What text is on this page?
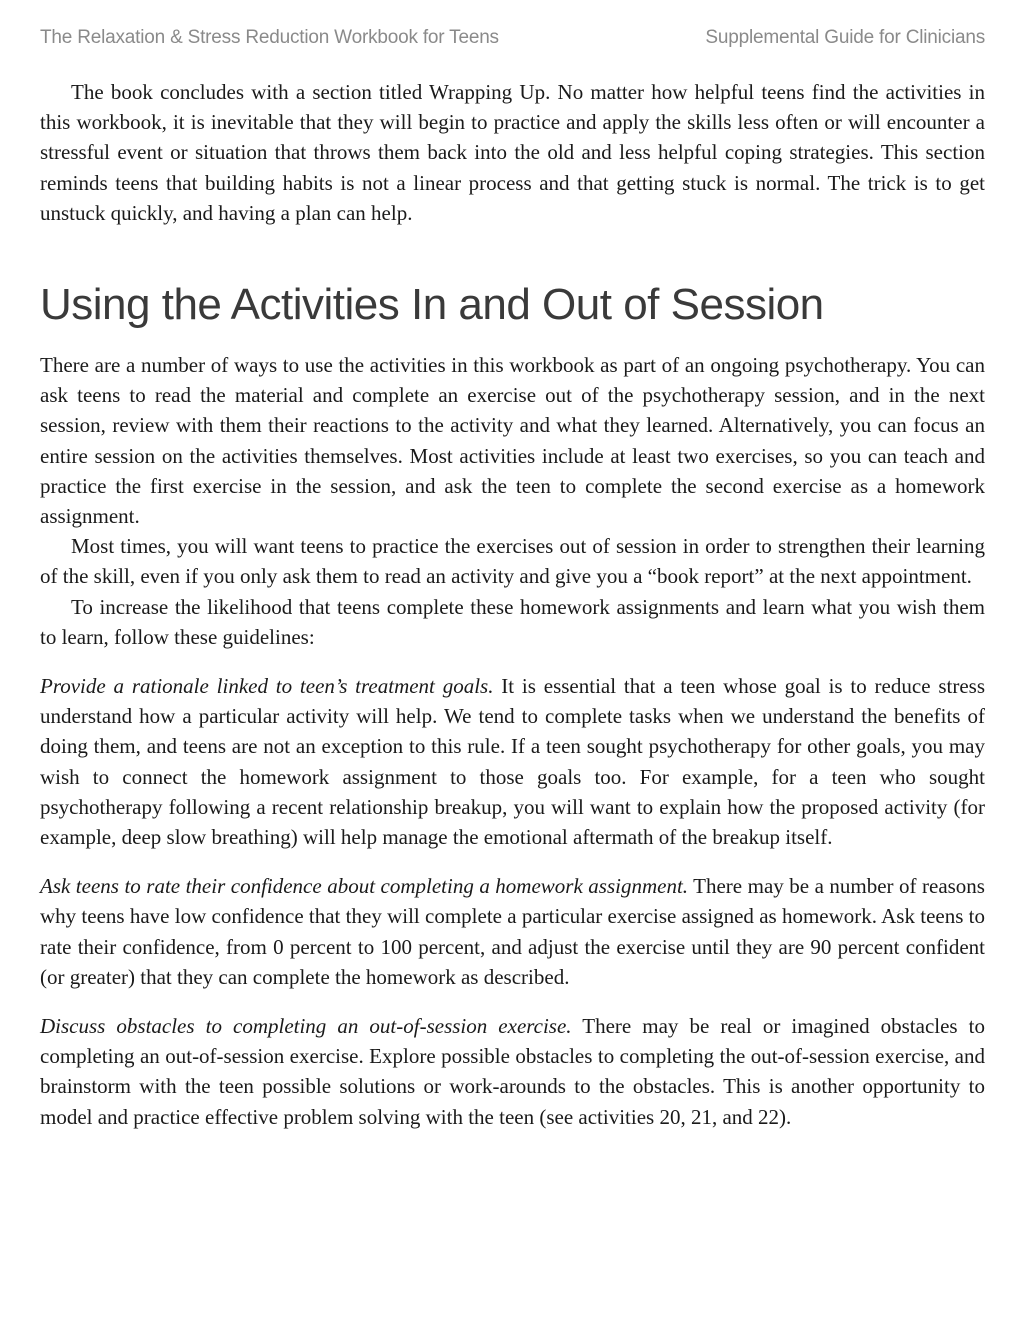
The Relaxation & Stress Reduction Workbook for Teens	Supplemental Guide for Clinicians

The book concludes with a section titled Wrapping Up. No matter how helpful teens find the activities in this workbook, it is inevitable that they will begin to practice and apply the skills less often or will encounter a stressful event or situation that throws them back into the old and less helpful coping strategies. This section reminds teens that building habits is not a linear process and that getting stuck is normal. The trick is to get unstuck quickly, and having a plan can help.

Using the Activities In and Out of Session

There are a number of ways to use the activities in this workbook as part of an ongoing psychotherapy. You can ask teens to read the material and complete an exercise out of the psychotherapy session, and in the next session, review with them their reactions to the activity and what they learned. Alternatively, you can focus an entire session on the activities themselves. Most activities include at least two exercises, so you can teach and practice the first exercise in the session, and ask the teen to complete the second exercise as a homework assignment.

Most times, you will want teens to practice the exercises out of session in order to strengthen their learning of the skill, even if you only ask them to read an activity and give you a “book report” at the next appointment.

To increase the likelihood that teens complete these homework assignments and learn what you wish them to learn, follow these guidelines:

Provide a rationale linked to teen’s treatment goals. It is essential that a teen whose goal is to reduce stress understand how a particular activity will help. We tend to complete tasks when we understand the benefits of doing them, and teens are not an exception to this rule. If a teen sought psychotherapy for other goals, you may wish to connect the homework assignment to those goals too. For example, for a teen who sought psychotherapy following a recent relationship breakup, you will want to explain how the proposed activity (for example, deep slow breathing) will help manage the emotional aftermath of the breakup itself.

Ask teens to rate their confidence about completing a homework assignment. There may be a number of reasons why teens have low confidence that they will complete a particular exercise assigned as homework. Ask teens to rate their confidence, from 0 percent to 100 percent, and adjust the exercise until they are 90 percent confident (or greater) that they can complete the homework as described.

Discuss obstacles to completing an out-of-session exercise. There may be real or imagined obstacles to completing an out-of-session exercise. Explore possible obstacles to completing the out-of-session exercise, and brainstorm with the teen possible solutions or work-arounds to the obstacles. This is another opportunity to model and practice effective problem solving with the teen (see activities 20, 21, and 22).
